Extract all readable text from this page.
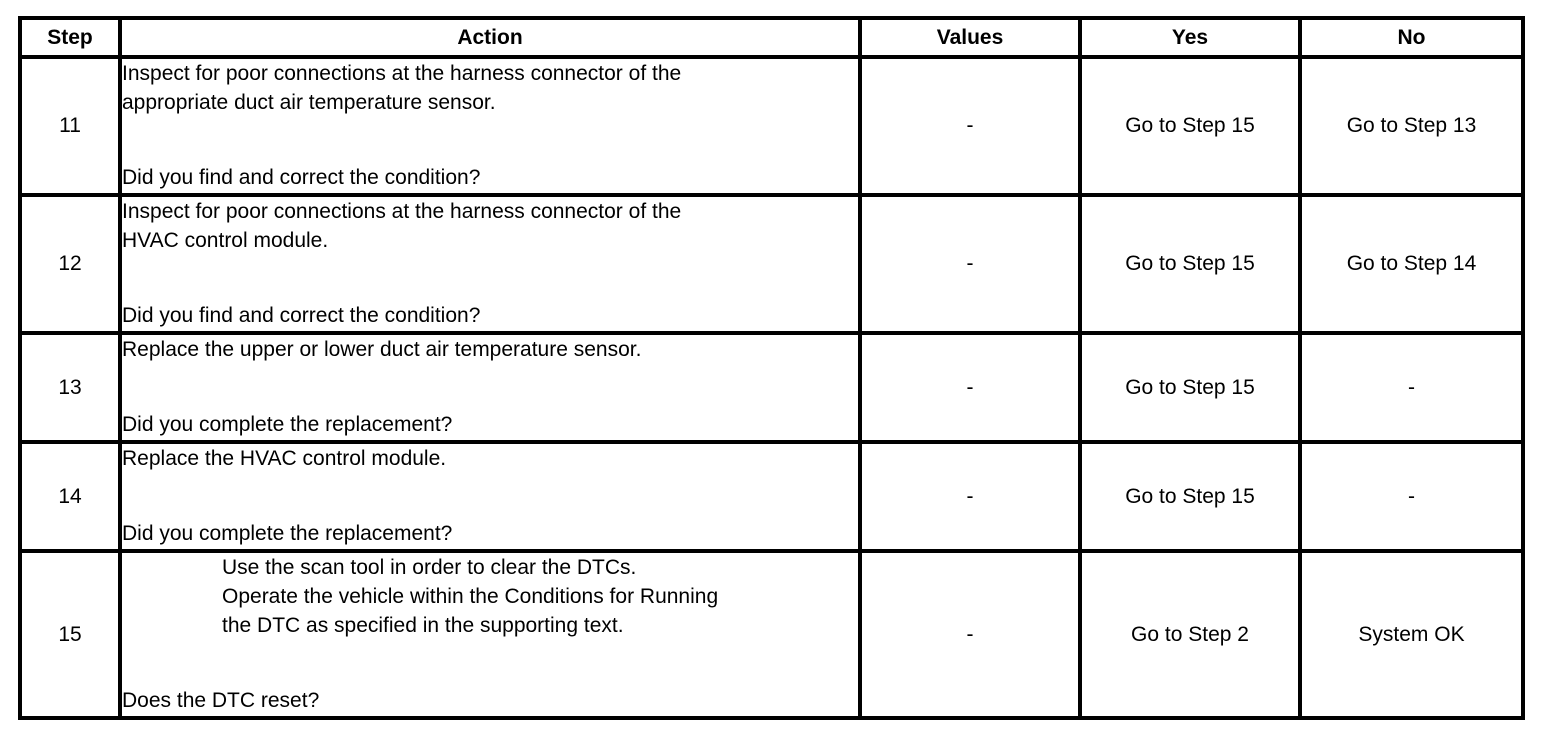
Step	Action	Values	Yes	No
11	Inspect for poor connections at the harness connector of the
appropriate duct air temperature sensor.
Did you find and correct the condition?	-	Go to Step 15	Go to Step 13
12	Inspect for poor connections at the harness connector of the
HVAC control module.
Did you find and correct the condition?	-	Go to Step 15	Go to Step 14
13	Replace the upper or lower duct air temperature sensor.
Did you complete the replacement?	-	Go to Step 15	-
14	Replace the HVAC control module.
Did you complete the replacement?	-	Go to Step 15	-
15	Use the scan tool in order to clear the DTCs.
Operate the vehicle within the Conditions for Running
the DTC as specified in the supporting text.
Does the DTC reset?	-	Go to Step 2	System OK
